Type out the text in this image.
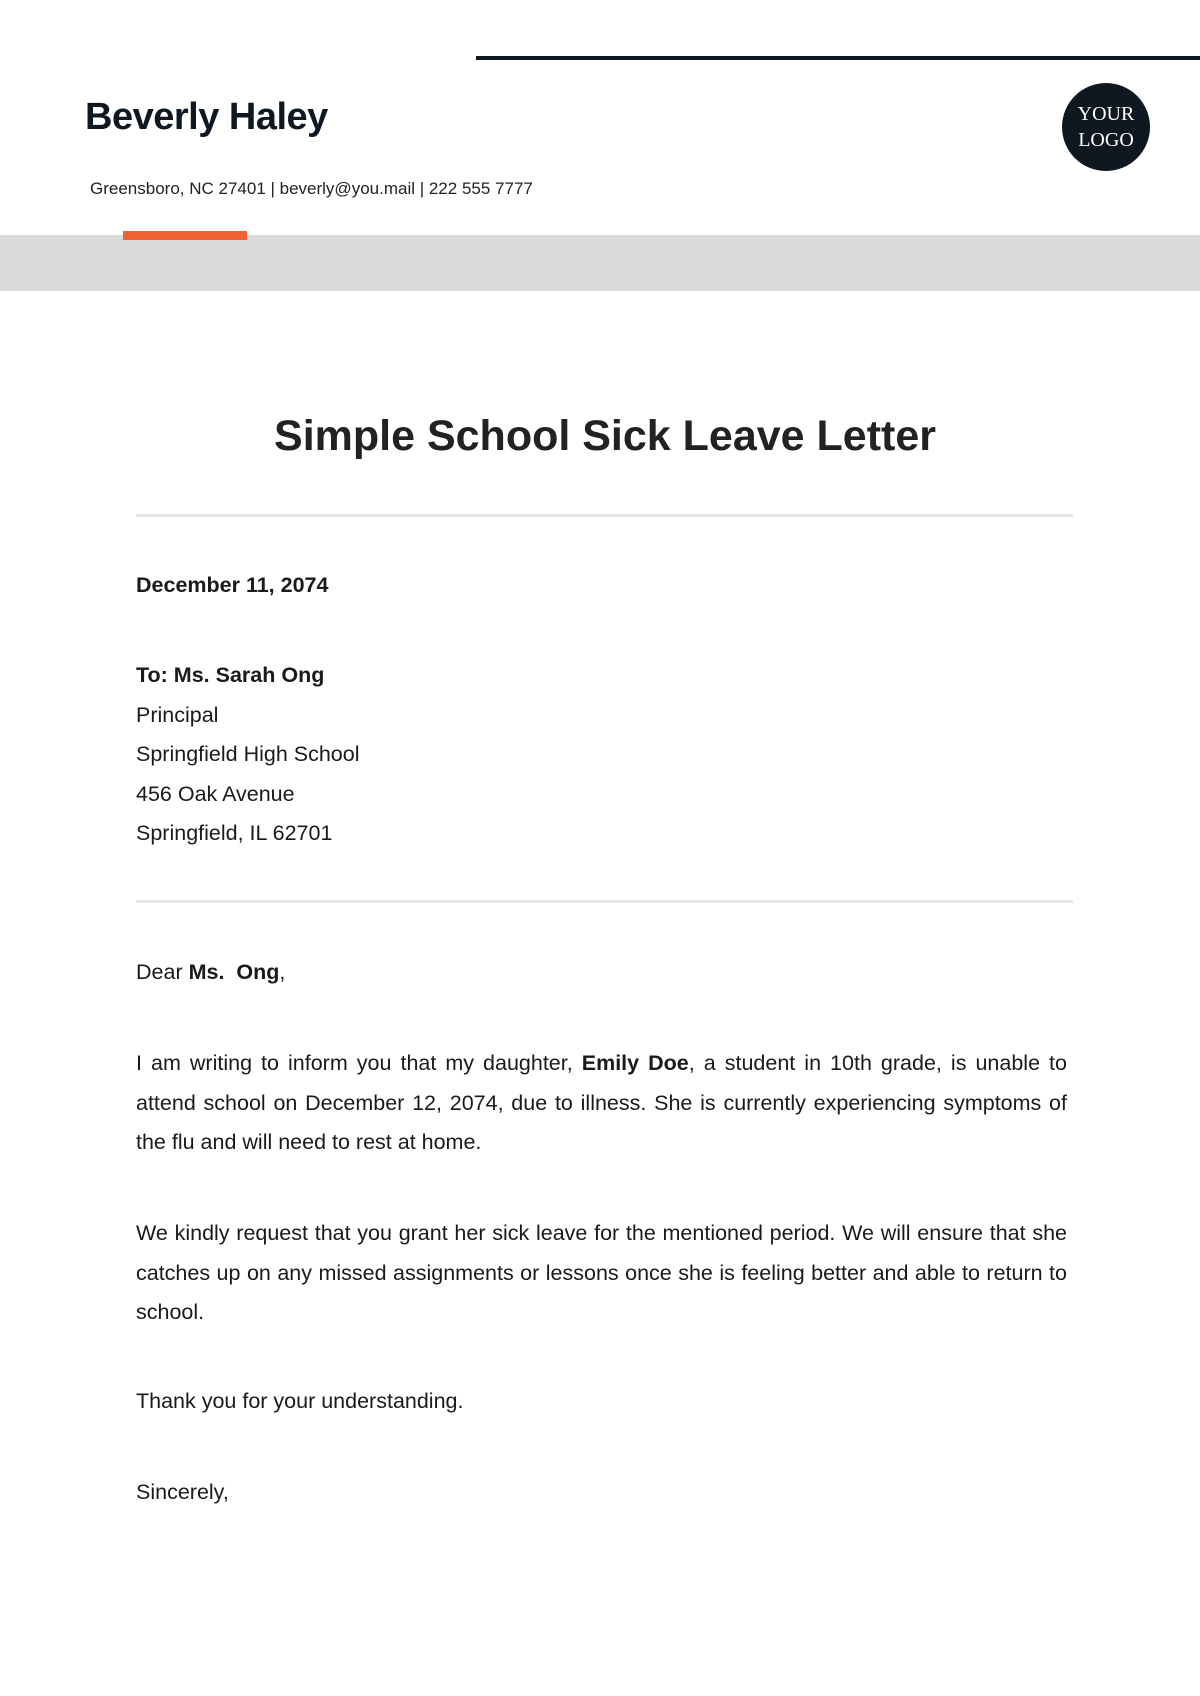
Beverly Haley
Greensboro, NC 27401 | beverly@you.mail | 222 555 7777
YOUR
LOGO
Simple School Sick Leave Letter
December 11, 2074
To: Ms. Sarah Ong
Principal
Springfield High School
456 Oak Avenue
Springfield, IL 62701
Dear Ms.  Ong,
I am writing to inform you that my daughter, Emily Doe, a student in 10th grade, is unable to attend school on December 12, 2074, due to illness. She is currently experiencing symptoms of the flu and will need to rest at home.
We kindly request that you grant her sick leave for the mentioned period. We will ensure that she catches up on any missed assignments or lessons once she is feeling better and able to return to school.
Thank you for your understanding.
Sincerely,
